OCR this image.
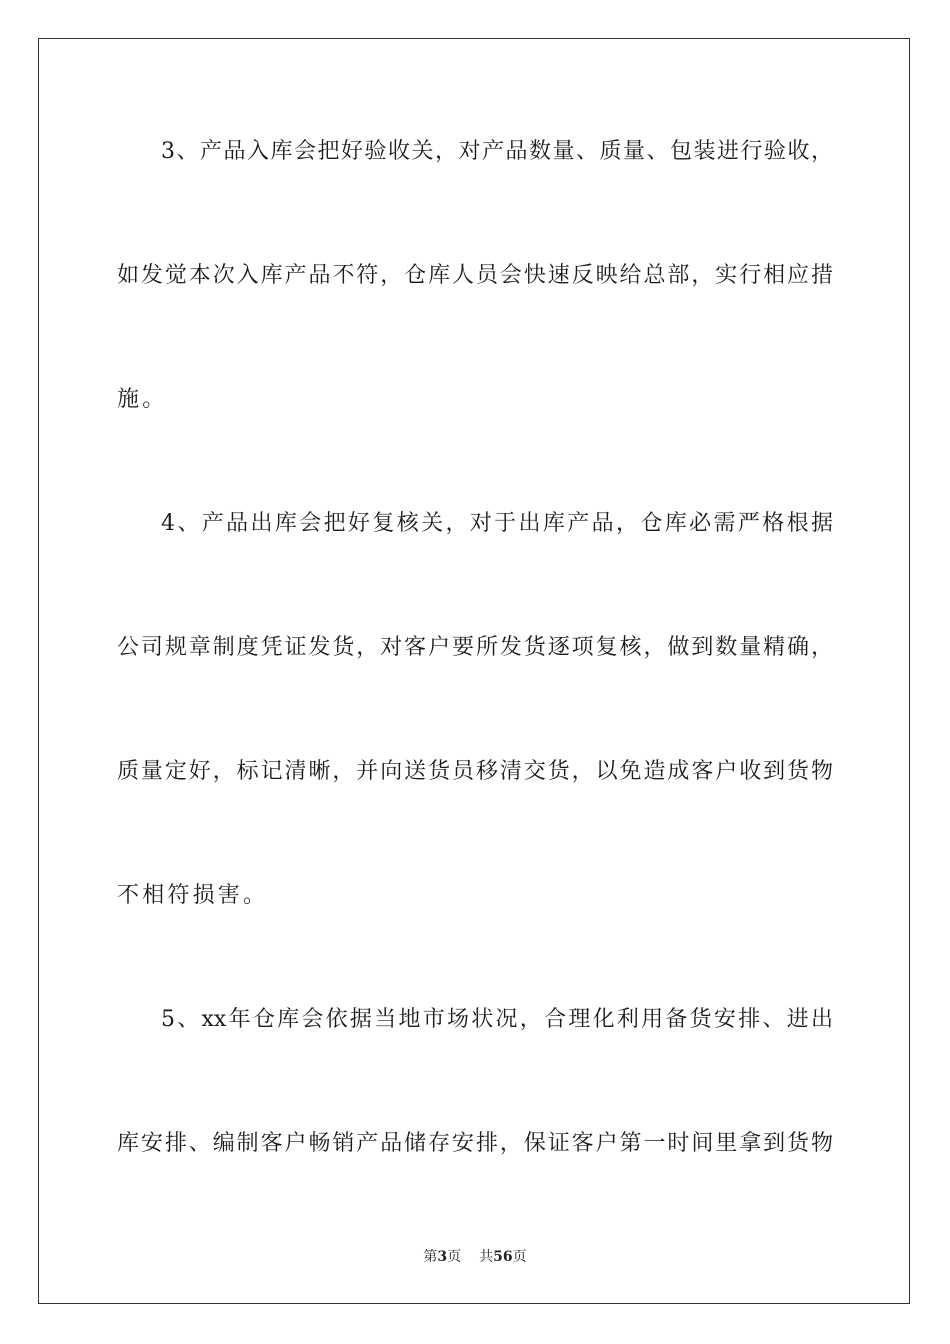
3、产品入库会把好验收关，对产品数量、质量、包装进行验收，
如发觉本次入库产品不符，仓库人员会快速反映给总部，实行相应措
施。
4、产品出库会把好复核关，对于出库产品，仓库必需严格根据
公司规章制度凭证发货，对客户要所发货逐项复核，做到数量精确，
质量定好，标记清晰，并向送货员移清交货，以免造成客户收到货物
不相符损害。
5、xx年仓库会依据当地市场状况，合理化利用备货安排、进出
库安排、编制客户畅销产品储存安排，保证客户第一时间里拿到货物
第3页 共56页
